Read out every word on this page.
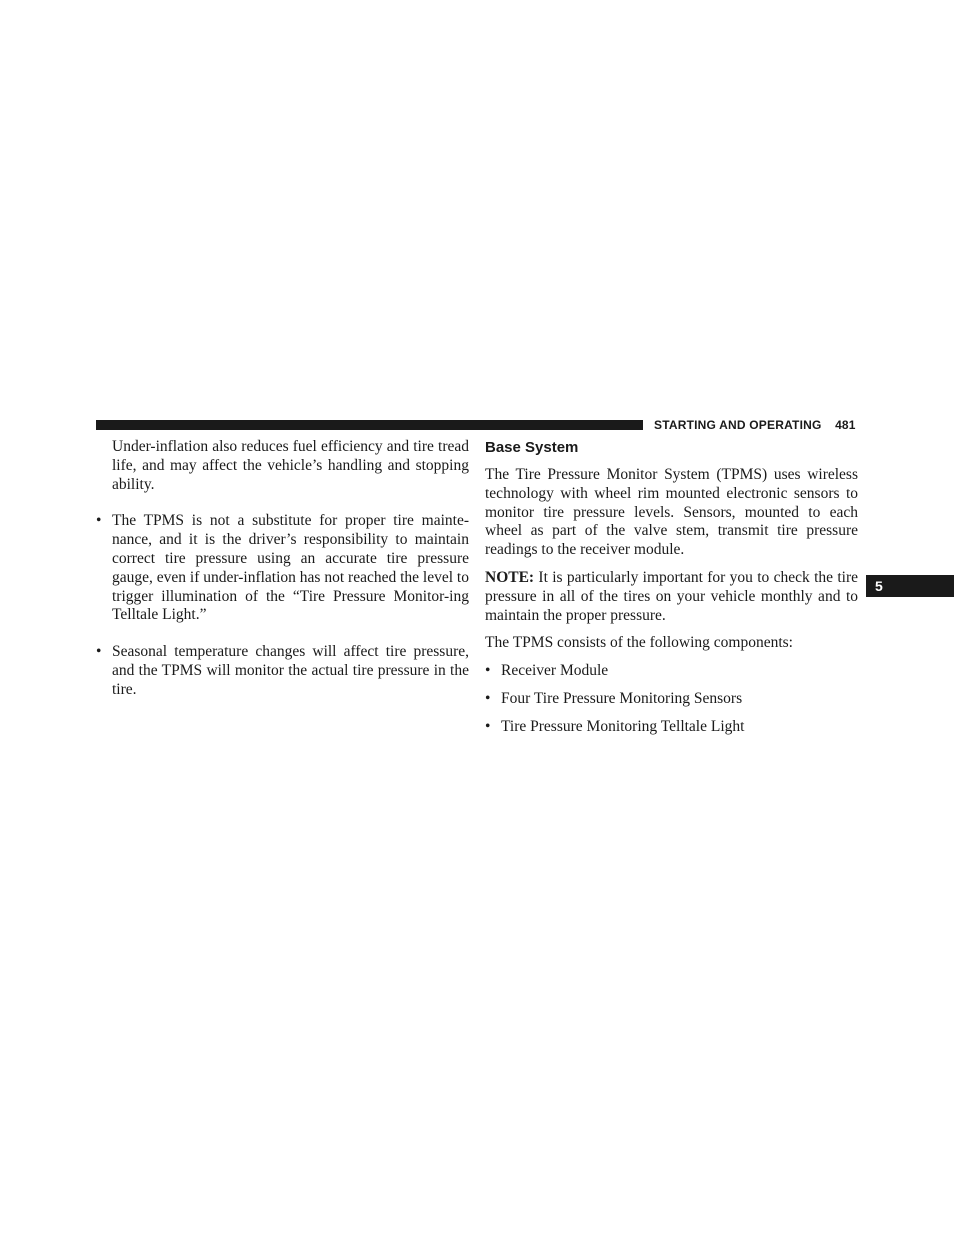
STARTING AND OPERATING 481
5

Under-inflation also reduces fuel efficiency and tire tread life, and may affect the vehicle’s handling and stopping ability.

• The TPMS is not a substitute for proper tire mainte-nance, and it is the driver’s responsibility to maintain correct tire pressure using an accurate tire pressure gauge, even if under-inflation has not reached the level to trigger illumination of the “Tire Pressure Monitor-ing Telltale Light.”
• Seasonal temperature changes will affect tire pressure, and the TPMS will monitor the actual tire pressure in the tire.
Base System

The Tire Pressure Monitor System (TPMS) uses wireless technology with wheel rim mounted electronic sensors to monitor tire pressure levels. Sensors, mounted to each wheel as part of the valve stem, transmit tire pressure readings to the receiver module.

NOTE: It is particularly important for you to check the tire pressure in all of the tires on your vehicle monthly and to maintain the proper pressure.

The TPMS consists of the following components:

• Receiver Module
• Four Tire Pressure Monitoring Sensors
• Tire Pressure Monitoring Telltale Light
